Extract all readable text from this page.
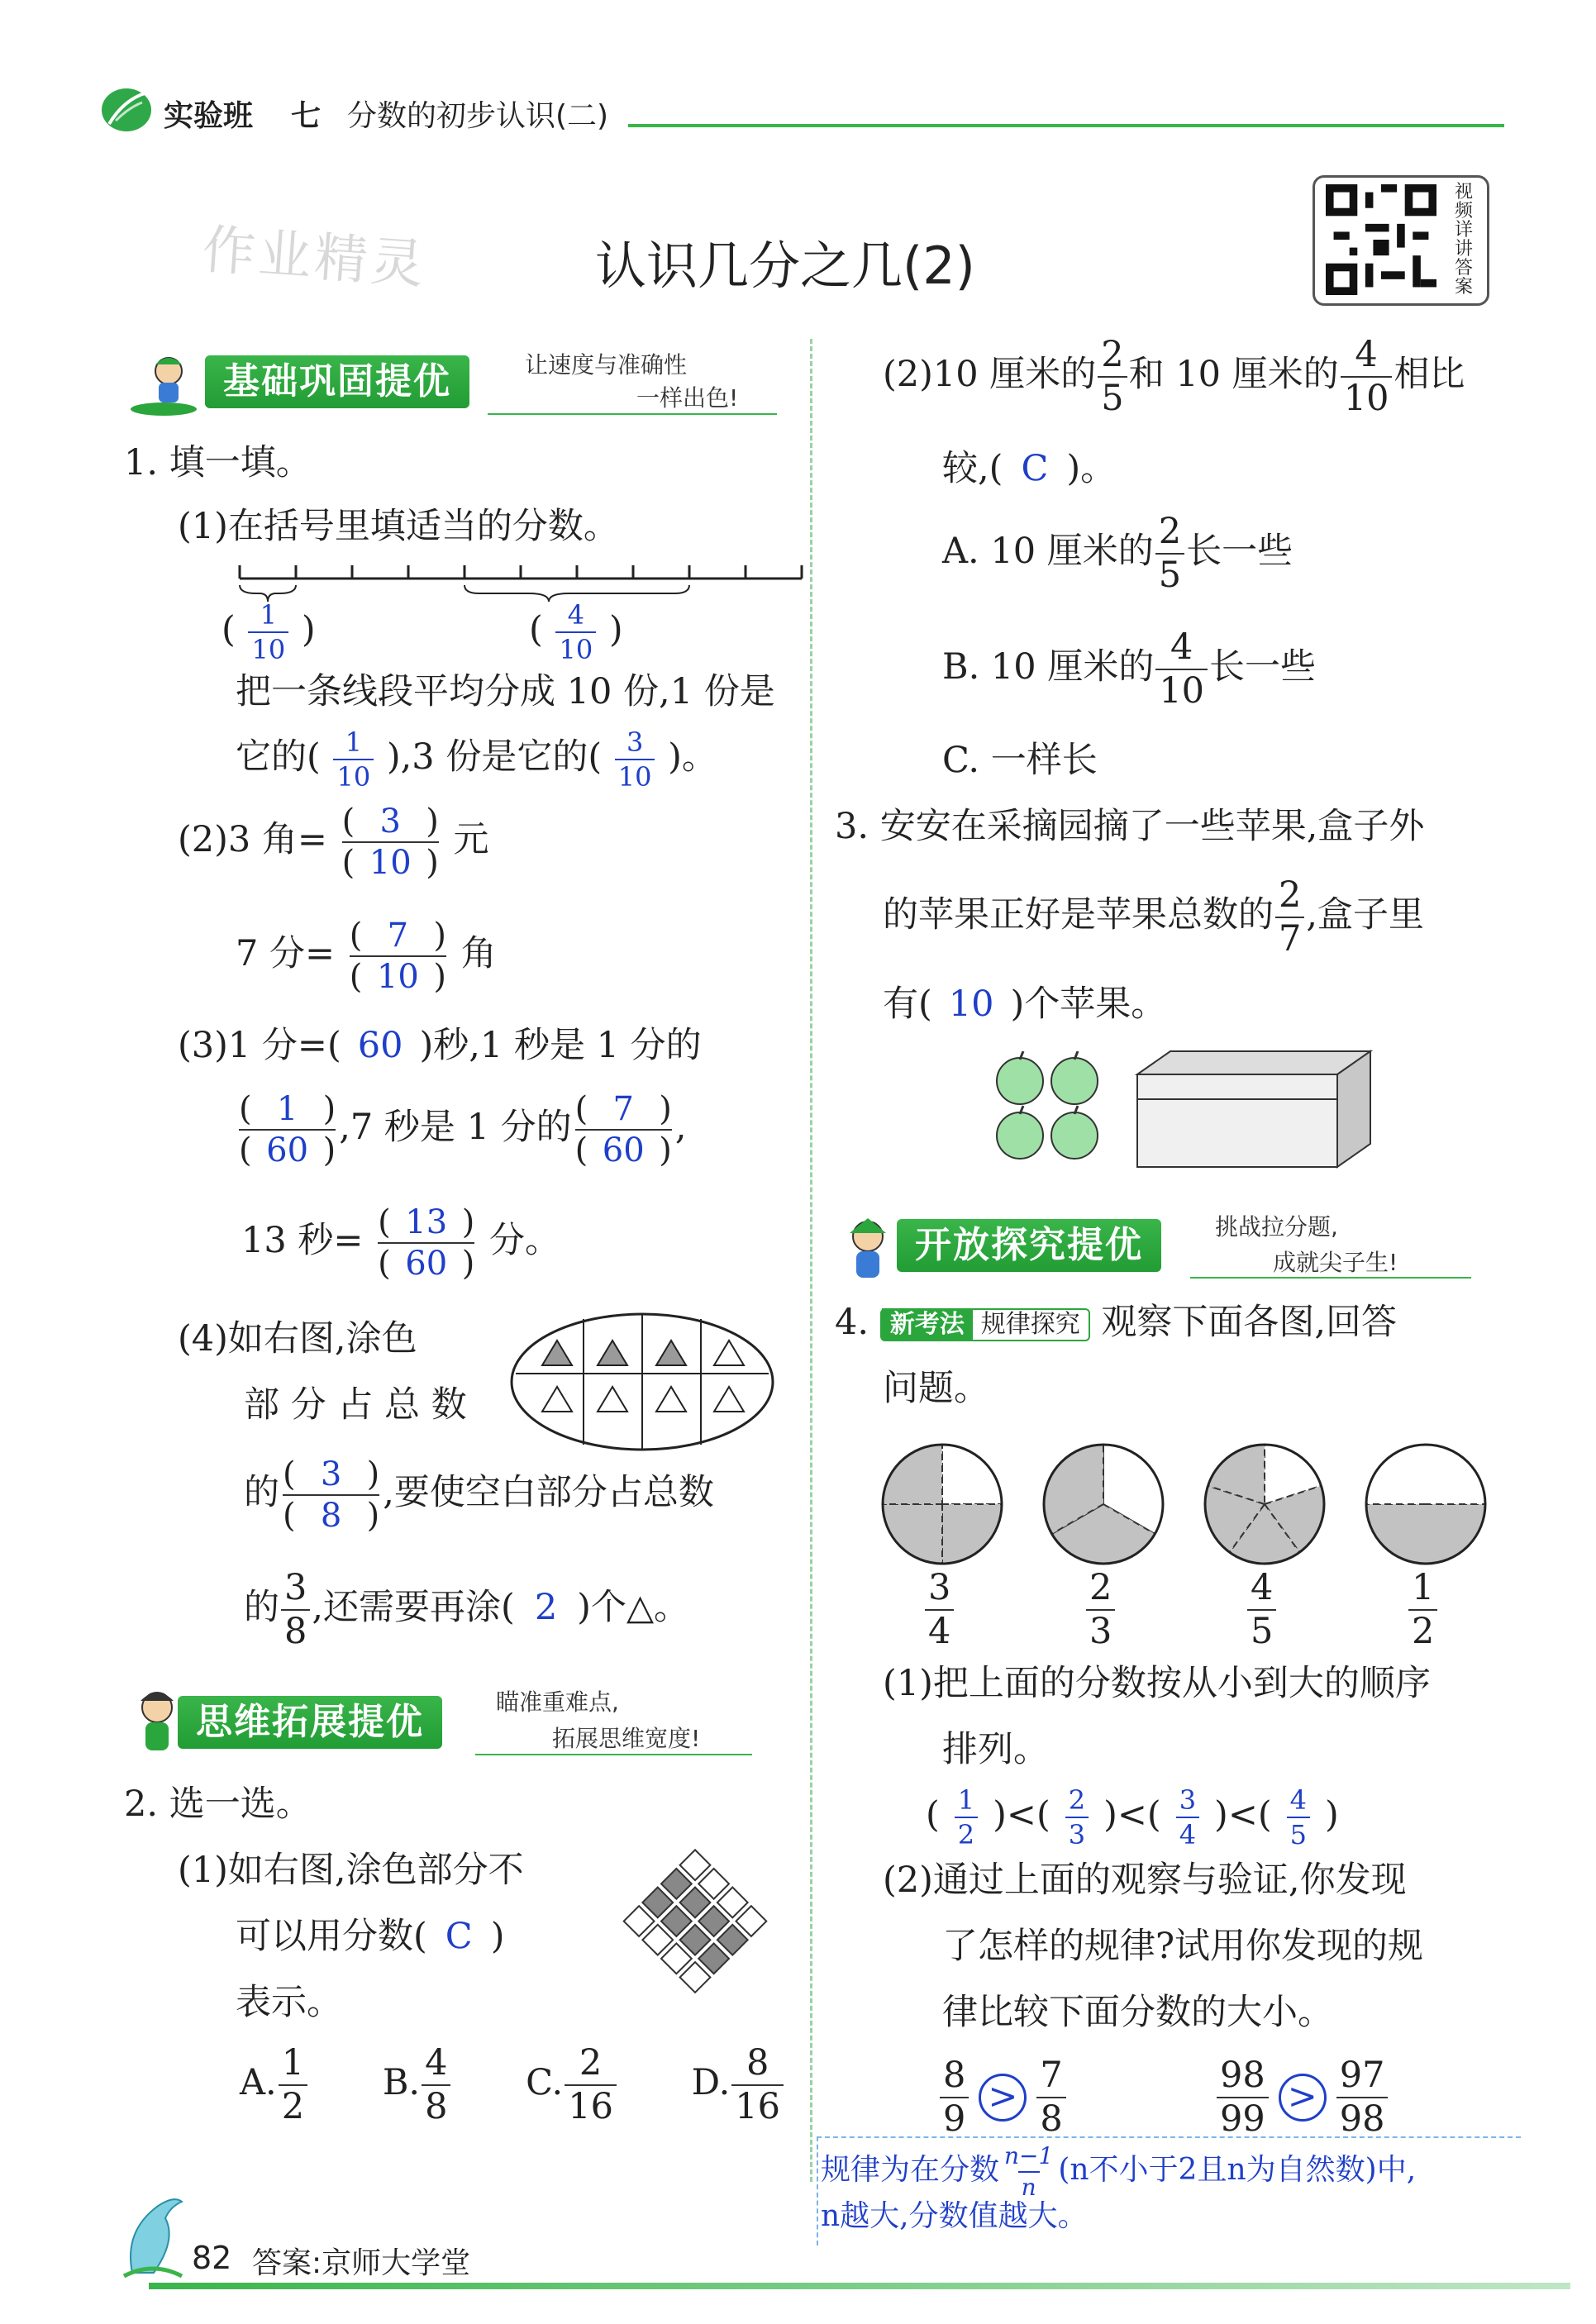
实验班 七 分数的初步认识(二)
作业精灵	认识几分之几(2)
视
频
详
讲
答
案
基础巩固提优	让速度与准确性
一样出色!
1. 填一填。
(1)在括号里填适当的分数。
( $\frac{1}{10}$ )	( $\frac{4}{10}$ )
把一条线段平均分成 10 份,1 份是
它的( $\frac{1}{10} ),3$ 份是它的( $\frac{3}{10}$ )。
(2)3 角= $\frac{( 3 )}{( 10 )}$ 元
7 分= $\frac{( 7 )}{( 10 )}$ 角
(3)1 分=( 60 )秒,1 秒是 1 分的
$\frac{( 1 )}{( 60 )} ,7$ 秒是 1 分的 $\frac{( 7 )}{( 60 )}$ ,
13 秒= $\frac{( 13 )}{( 60 )}$ 分。
(4)如右图,涂色
部 分 占 总 数
的 $\frac{( 3 )}{( 8 )}$ ,要使空白部分占总数
的 $\frac{3}{8}$ ,还需要再涂( 2 )个△。
思维拓展提优	瞄准重难点,
拓展思维宽度!
2. 选一选。
(1)如右图,涂色部分不
可以用分数( C )
表示。
A. $\frac{1}{2} B$. $\frac{4}{8} C$. $\frac{2}{16} D$. $\frac{8}{16}$
(2)10 厘米的 $\frac{2}{5}$ 和 10 厘米的 $\frac{4}{10}$ 相比
较,( C )。
A. 10 厘米的 $\frac{2}{5}$ 长一些
B. 10 厘米的 $\frac{4}{10}$ 长一些
C. 一样长
3. 安安在采摘园摘了一些苹果,盒子外
的苹果正好是苹果总数的 $\frac{2}{7}$ ,盒子里
有( 10 )个苹果。
开放探究提优	挑战拉分题,
成就尖子生!
4. 新考法 规律探究 观察下面各图,回答
问题。
$\frac{3}{4}$	$\frac{2}{3}$	$\frac{4}{5}$	$\frac{1}{2}$
(1)把上面的分数按从小到大的顺序
排列。
( $\frac{1}{2}$ )<( $\frac{2}{3}$ )<( $\frac{3}{4}$ )<( $\frac{4}{5}$ )
(2)通过上面的观察与验证,你发现
了怎样的规律?试用你发现的规
律比较下面分数的大小。
$\frac{8}{9} > \frac{7}{8}$	$\frac{98}{99} > \frac{97}{98}$
规律为在分数 $\frac{n-1}{n} (n$不小于2且n为自然数)中,
n越大,分数值越大。
82 答案:京师大学堂
